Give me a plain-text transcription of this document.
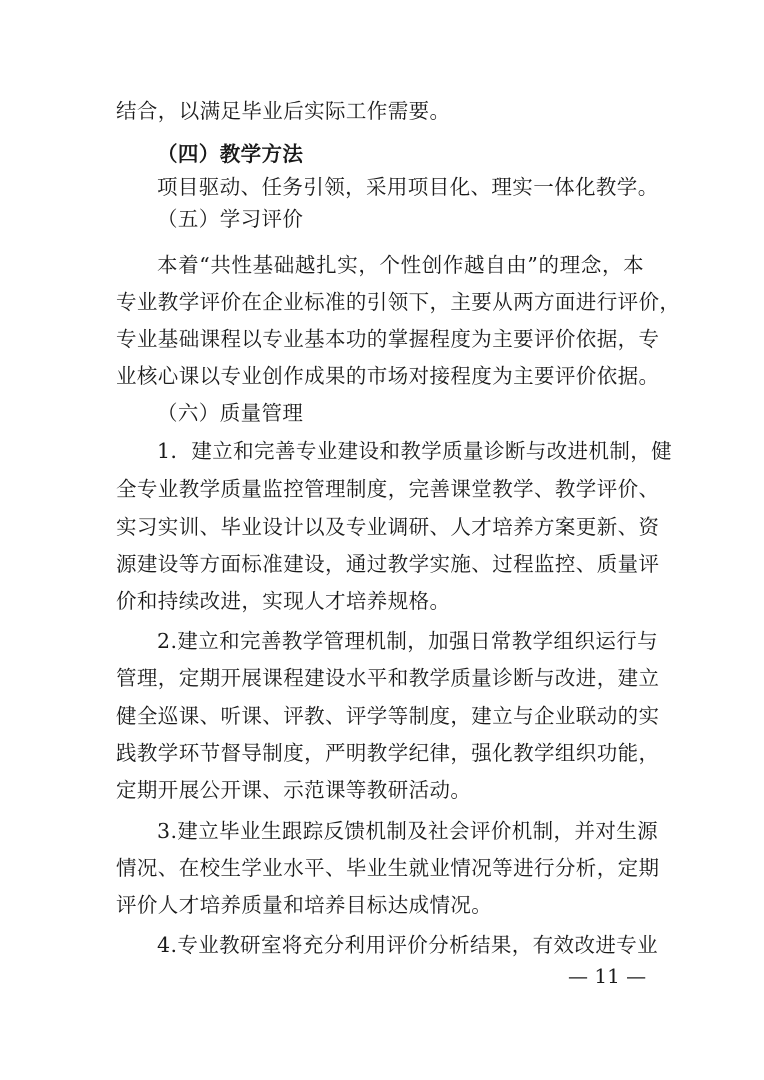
结合，以满足毕业后实际工作需要。
（四）教学方法
项目驱动、任务引领，采用项目化、理实一体化教学。
（五）学习评价
本着“共性基础越扎实，个性创作越自由”的理念，本
专业教学评价在企业标准的引领下，主要从两方面进行评价，
专业基础课程以专业基本功的掌握程度为主要评价依据，专
业核心课以专业创作成果的市场对接程度为主要评价依据。
（六）质量管理
1．建立和完善专业建设和教学质量诊断与改进机制，健
全专业教学质量监控管理制度，完善课堂教学、教学评价、
实习实训、毕业设计以及专业调研、人才培养方案更新、资
源建设等方面标准建设，通过教学实施、过程监控、质量评
价和持续改进，实现人才培养规格。
2.建立和完善教学管理机制，加强日常教学组织运行与
管理，定期开展课程建设水平和教学质量诊断与改进，建立
健全巡课、听课、评教、评学等制度，建立与企业联动的实
践教学环节督导制度，严明教学纪律，强化教学组织功能，
定期开展公开课、示范课等教研活动。
3.建立毕业生跟踪反馈机制及社会评价机制，并对生源
情况、在校生学业水平、毕业生就业情况等进行分析，定期
评价人才培养质量和培养目标达成情况。
4.专业教研室将充分利用评价分析结果，有效改进专业
— 11 —
